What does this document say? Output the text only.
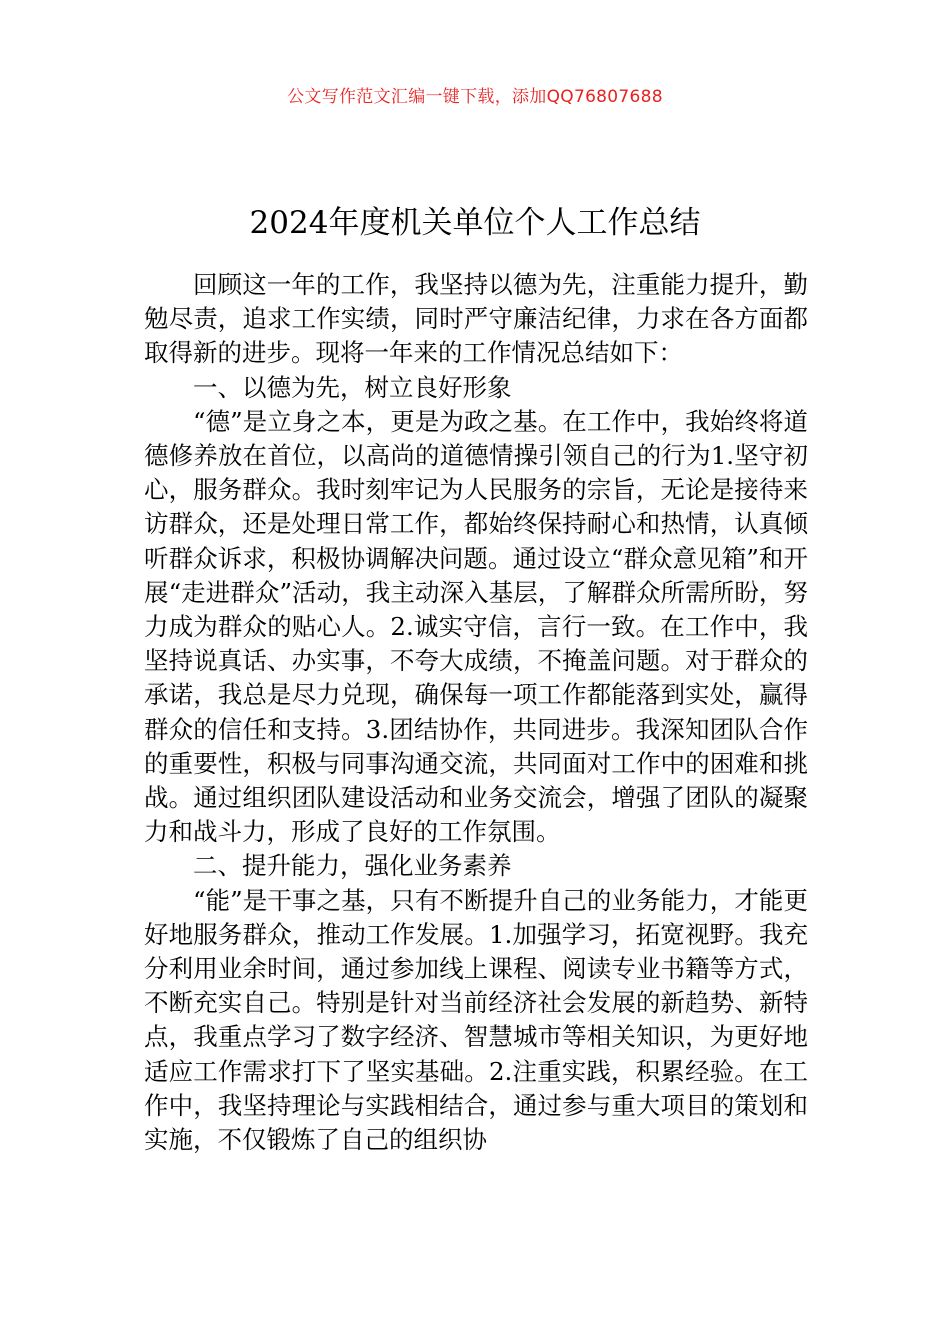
公文写作范文汇编一键下载，添加QQ76807688
2024年度机关单位个人工作总结

回顾这一年的工作，我坚持以德为先，注重能力提升，勤勉尽责，追求工作实绩，同时严守廉洁纪律，力求在各方面都取得新的进步。现将一年来的工作情况总结如下：

一、以德为先，树立良好形象

“德”是立身之本，更是为政之基。在工作中，我始终将道德修养放在首位，以高尚的道德情操引领自己的行为1.坚守初心，服务群众。我时刻牢记为人民服务的宗旨，无论是接待来访群众，还是处理日常工作，都始终保持耐心和热情，认真倾听群众诉求，积极协调解决问题。通过设立“群众意见箱”和开展“走进群众”活动，我主动深入基层，了解群众所需所盼，努力成为群众的贴心人。2.诚实守信，言行一致。在工作中，我坚持说真话、办实事，不夸大成绩，不掩盖问题。对于群众的承诺，我总是尽力兑现，确保每一项工作都能落到实处，赢得群众的信任和支持。3.团结协作，共同进步。我深知团队合作的重要性，积极与同事沟通交流，共同面对工作中的困难和挑战。通过组织团队建设活动和业务交流会，增强了团队的凝聚力和战斗力，形成了良好的工作氛围。

二、提升能力，强化业务素养

“能”是干事之基，只有不断提升自己的业务能力，才能更好地服务群众，推动工作发展。1.加强学习，拓宽视野。我充分利用业余时间，通过参加线上课程、阅读专业书籍等方式，不断充实自己。特别是针对当前经济社会发展的新趋势、新特点，我重点学习了数字经济、智慧城市等相关知识，为更好地适应工作需求打下了坚实基础。2.注重实践，积累经验。在工作中，我坚持理论与实践相结合，通过参与重大项目的策划和实施，不仅锻炼了自己的组织协
